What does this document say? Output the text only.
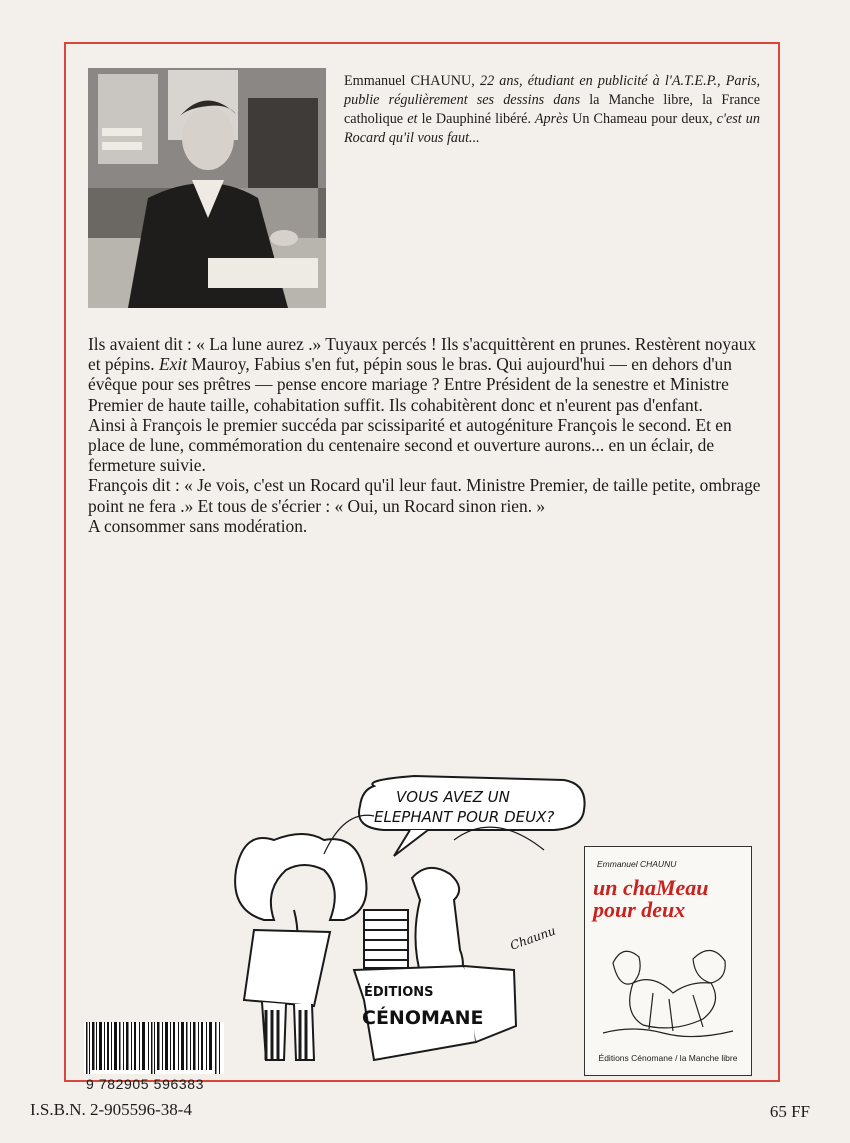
Emmanuel CHAUNU, 22 ans, étudiant en publicité à l'A.T.E.P., Paris, publie régulièrement ses dessins dans la Manche libre, la France catholique et le Dauphiné libéré. Après Un Chameau pour deux, c'est un Rocard qu'il vous faut...

Ils avaient dit : « La lune aurez .» Tuyaux percés ! Ils s'acquittèrent en prunes. Restèrent noyaux et pépins. Exit Mauroy, Fabius s'en fut, pépin sous le bras. Qui aujourd'hui — en dehors d'un évêque pour ses prêtres — pense encore mariage ? Entre Président de la senestre et Ministre Premier de haute taille, cohabitation suffit. Ils cohabitèrent donc et n'eurent pas d'enfant.

Ainsi à François le premier succéda par scissiparité et autogéniture François le second. Et en place de lune, commémoration du centenaire second et ouverture aurons... en un éclair, de fermeture suivie.

François dit : « Je vois, c'est un Rocard qu'il leur faut. Ministre Premier, de taille petite, ombrage point ne fera .» Et tous de s'écrier : « Oui, un Rocard sinon rien. »

A consommer sans modération.

VOUS AVEZ UN
ELEPHANT POUR DEUX?
ÉDITIONS
CÉNOMANE
Chaunu
Emmanuel CHAUNU
un chaMeau
pour deux
Éditions Cénomane / la Manche libre
9 782905 596383
I.S.B.N. 2-905596-38-4	65 FF
